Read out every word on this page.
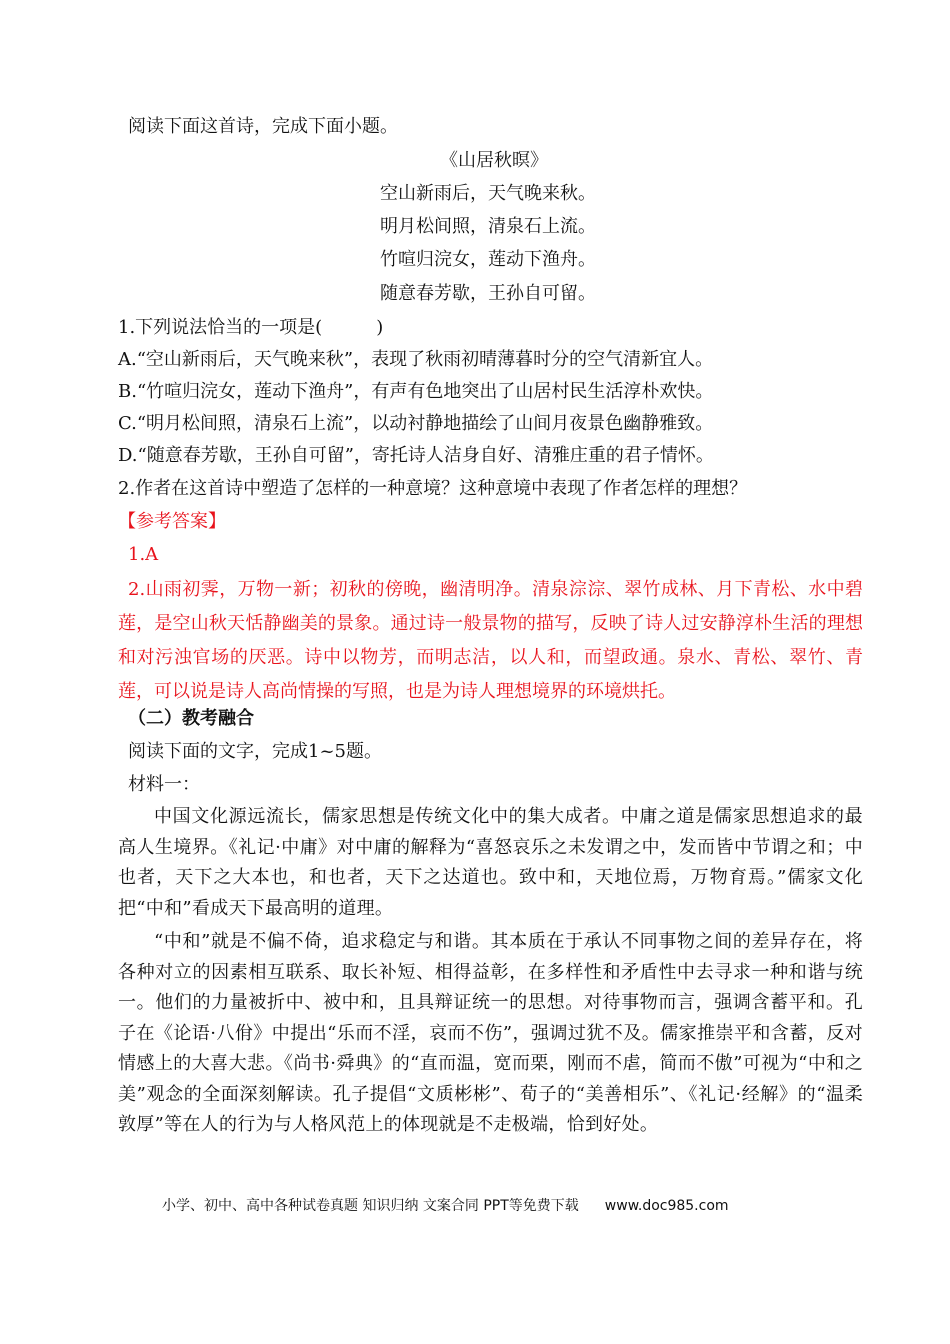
阅读下面这首诗，完成下面小题。
《山居秋暝》
空山新雨后，天气晚来秋。
明月松间照，清泉石上流。
竹喧归浣女，莲动下渔舟。
随意春芳歇，王孙自可留。
1.下列说法恰当的一项是(　　　)
A.“空山新雨后，天气晚来秋”，表现了秋雨初晴薄暮时分的空气清新宜人。
B.“竹喧归浣女，莲动下渔舟”，有声有色地突出了山居村民生活淳朴欢快。
C.“明月松间照，清泉石上流”，以动衬静地描绘了山间月夜景色幽静雅致。
D.“随意春芳歇，王孙自可留”，寄托诗人洁身自好、清雅庄重的君子情怀。
2.作者在这首诗中塑造了怎样的一种意境？这种意境中表现了作者怎样的理想？
【参考答案】
1.A
2.山雨初霁，万物一新；初秋的傍晚，幽清明净。清泉淙淙、翠竹成林、月下青松、水中碧莲，是空山秋天恬静幽美的景象。通过诗一般景物的描写，反映了诗人过安静淳朴生活的理想和对污浊官场的厌恶。诗中以物芳，而明志洁，以人和，而望政通。泉水、青松、翠竹、青莲，可以说是诗人高尚情操的写照，也是为诗人理想境界的环境烘托。
（二）教考融合
阅读下面的文字，完成1~5题。
材料一：
中国文化源远流长，儒家思想是传统文化中的集大成者。中庸之道是儒家思想追求的最高人生境界。《礼记·中庸》对中庸的解释为“喜怒哀乐之未发谓之中，发而皆中节谓之和；中也者，天下之大本也，和也者，天下之达道也。致中和，天地位焉，万物育焉。”儒家文化把“中和”看成天下最高明的道理。
“中和”就是不偏不倚，追求稳定与和谐。其本质在于承认不同事物之间的差异存在，将各种对立的因素相互联系、取长补短、相得益彰，在多样性和矛盾性中去寻求一种和谐与统一。他们的力量被折中、被中和，且具辩证统一的思想。对待事物而言，强调含蓄平和。孔子在《论语·八佾》中提出“乐而不淫，哀而不伤”，强调过犹不及。儒家推崇平和含蓄，反对情感上的大喜大悲。《尚书·舜典》的“直而温，宽而栗，刚而不虐，简而不傲”可视为“中和之美”观念的全面深刻解读。孔子提倡“文质彬彬”、荀子的“美善相乐”、《礼记·经解》的“温柔敦厚”等在人的行为与人格风范上的体现就是不走极端，恰到好处。
小学、初中、高中各种试卷真题 知识归纳 文案合同 PPT等免费下载 www.doc985.com
